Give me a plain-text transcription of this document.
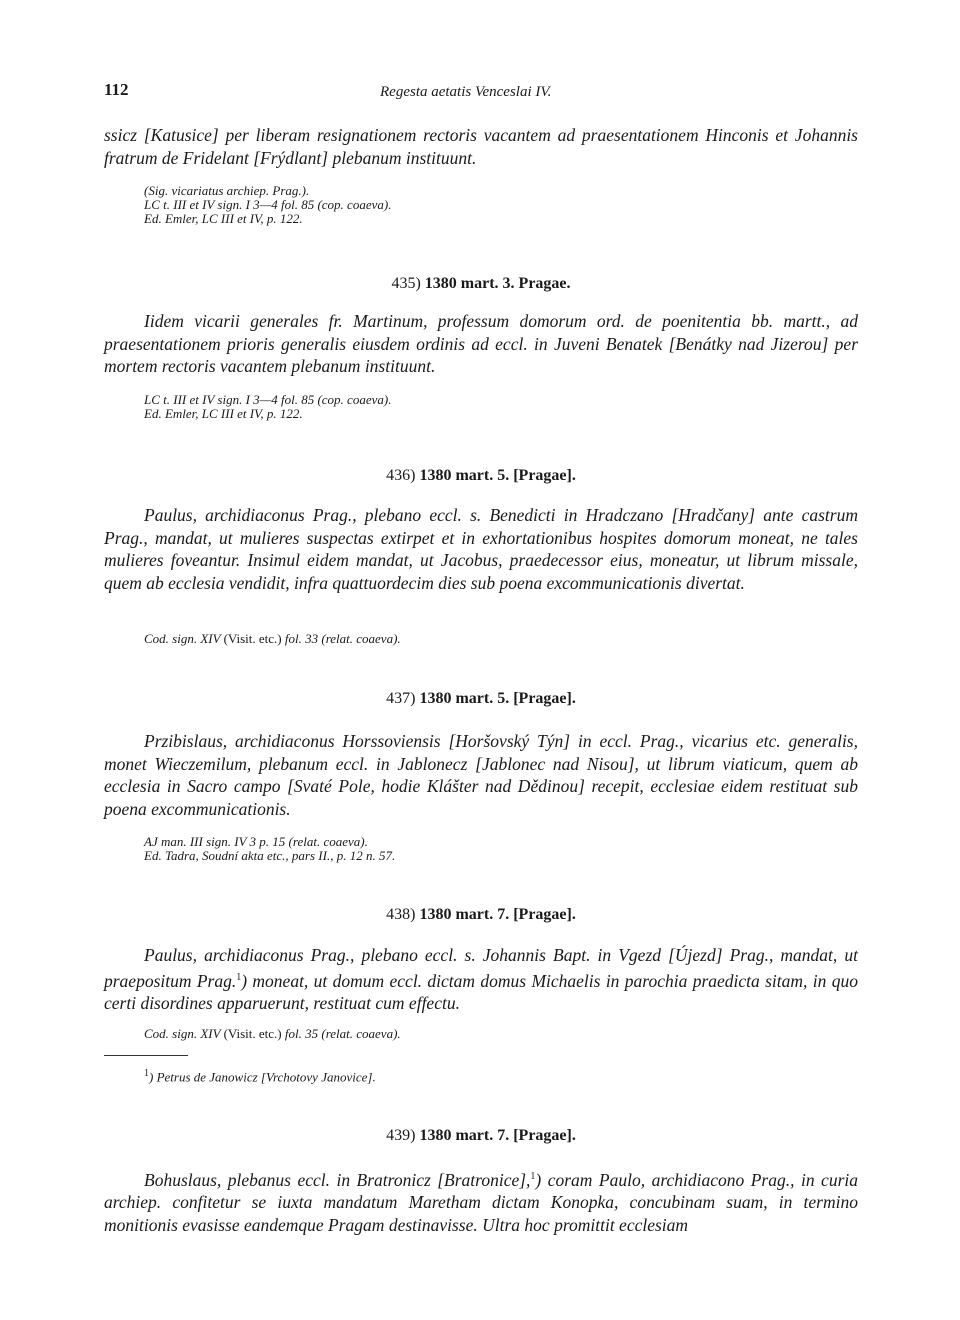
112	Regesta aetatis Venceslai IV.

ssicz [Katusice] per liberam resignationem rectoris vacantem ad praesentationem Hinconis et Johannis fratrum de Fridelant [Frýdlant] plebanum instituunt.

(Sig. vicariatus archiep. Prag.).

LC t. III et IV sign. I 3—4 fol. 85 (cop. coaeva).

Ed. Emler, LC III et IV, p. 122.

435) 1380 mart. 3. Pragae.

Iidem vicarii generales fr. Martinum, professum domorum ord. de poenitentia bb. martt., ad praesentationem prioris generalis eiusdem ordinis ad eccl. in Juveni Benatek [Benátky nad Jizerou] per mortem rectoris vacantem plebanum instituunt.

LC t. III et IV sign. I 3—4 fol. 85 (cop. coaeva).

Ed. Emler, LC III et IV, p. 122.

436) 1380 mart. 5. [Pragae].

Paulus, archidiaconus Prag., plebano eccl. s. Benedicti in Hradczano [Hradčany] ante castrum Prag., mandat, ut mulieres suspectas extirpet et in exhortationibus hospites domorum moneat, ne tales mulieres foveantur. Insimul eidem mandat, ut Jacobus, praedecessor eius, moneatur, ut librum missale, quem ab ecclesia vendidit, infra quattuordecim dies sub poena excommunicationis divertat.

Cod. sign. XIV (Visit. etc.) fol. 33 (relat. coaeva).

437) 1380 mart. 5. [Pragae].

Przibislaus, archidiaconus Horssoviensis [Horšovský Týn] in eccl. Prag., vicarius etc. generalis, monet Wieczemilum, plebanum eccl. in Jablonecz [Jablonec nad Nisou], ut librum viaticum, quem ab ecclesia in Sacro campo [Svaté Pole, hodie Klášter nad Dědinou] recepit, ecclesiae eidem restituat sub poena excommunicationis.

AJ man. III sign. IV 3 p. 15 (relat. coaeva).

Ed. Tadra, Soudní akta etc., pars II., p. 12 n. 57.

438) 1380 mart. 7. [Pragae].

Paulus, archidiaconus Prag., plebano eccl. s. Johannis Bapt. in Vgezd [Újezd] Prag., mandat, ut praepositum Prag.$^1$) moneat, ut domum eccl. dictam domus Michaelis in parochia praedicta sitam, in quo certi disordines apparuerunt, restituat cum effectu.

Cod. sign. XIV (Visit. etc.) fol. 35 (relat. coaeva).

$^1$) Petrus de Janowicz [Vrchotovy Janovice].

439) 1380 mart. 7. [Pragae].

Bohuslaus, plebanus eccl. in Bratronicz [Bratronice],$^1$) coram Paulo, archidiacono Prag., in curia archiep. confitetur se iuxta mandatum Maretham dictam Konopka, concubinam suam, in termino monitionis evasisse eandemque Pragam destinavisse. Ultra hoc promittit ecclesiam
